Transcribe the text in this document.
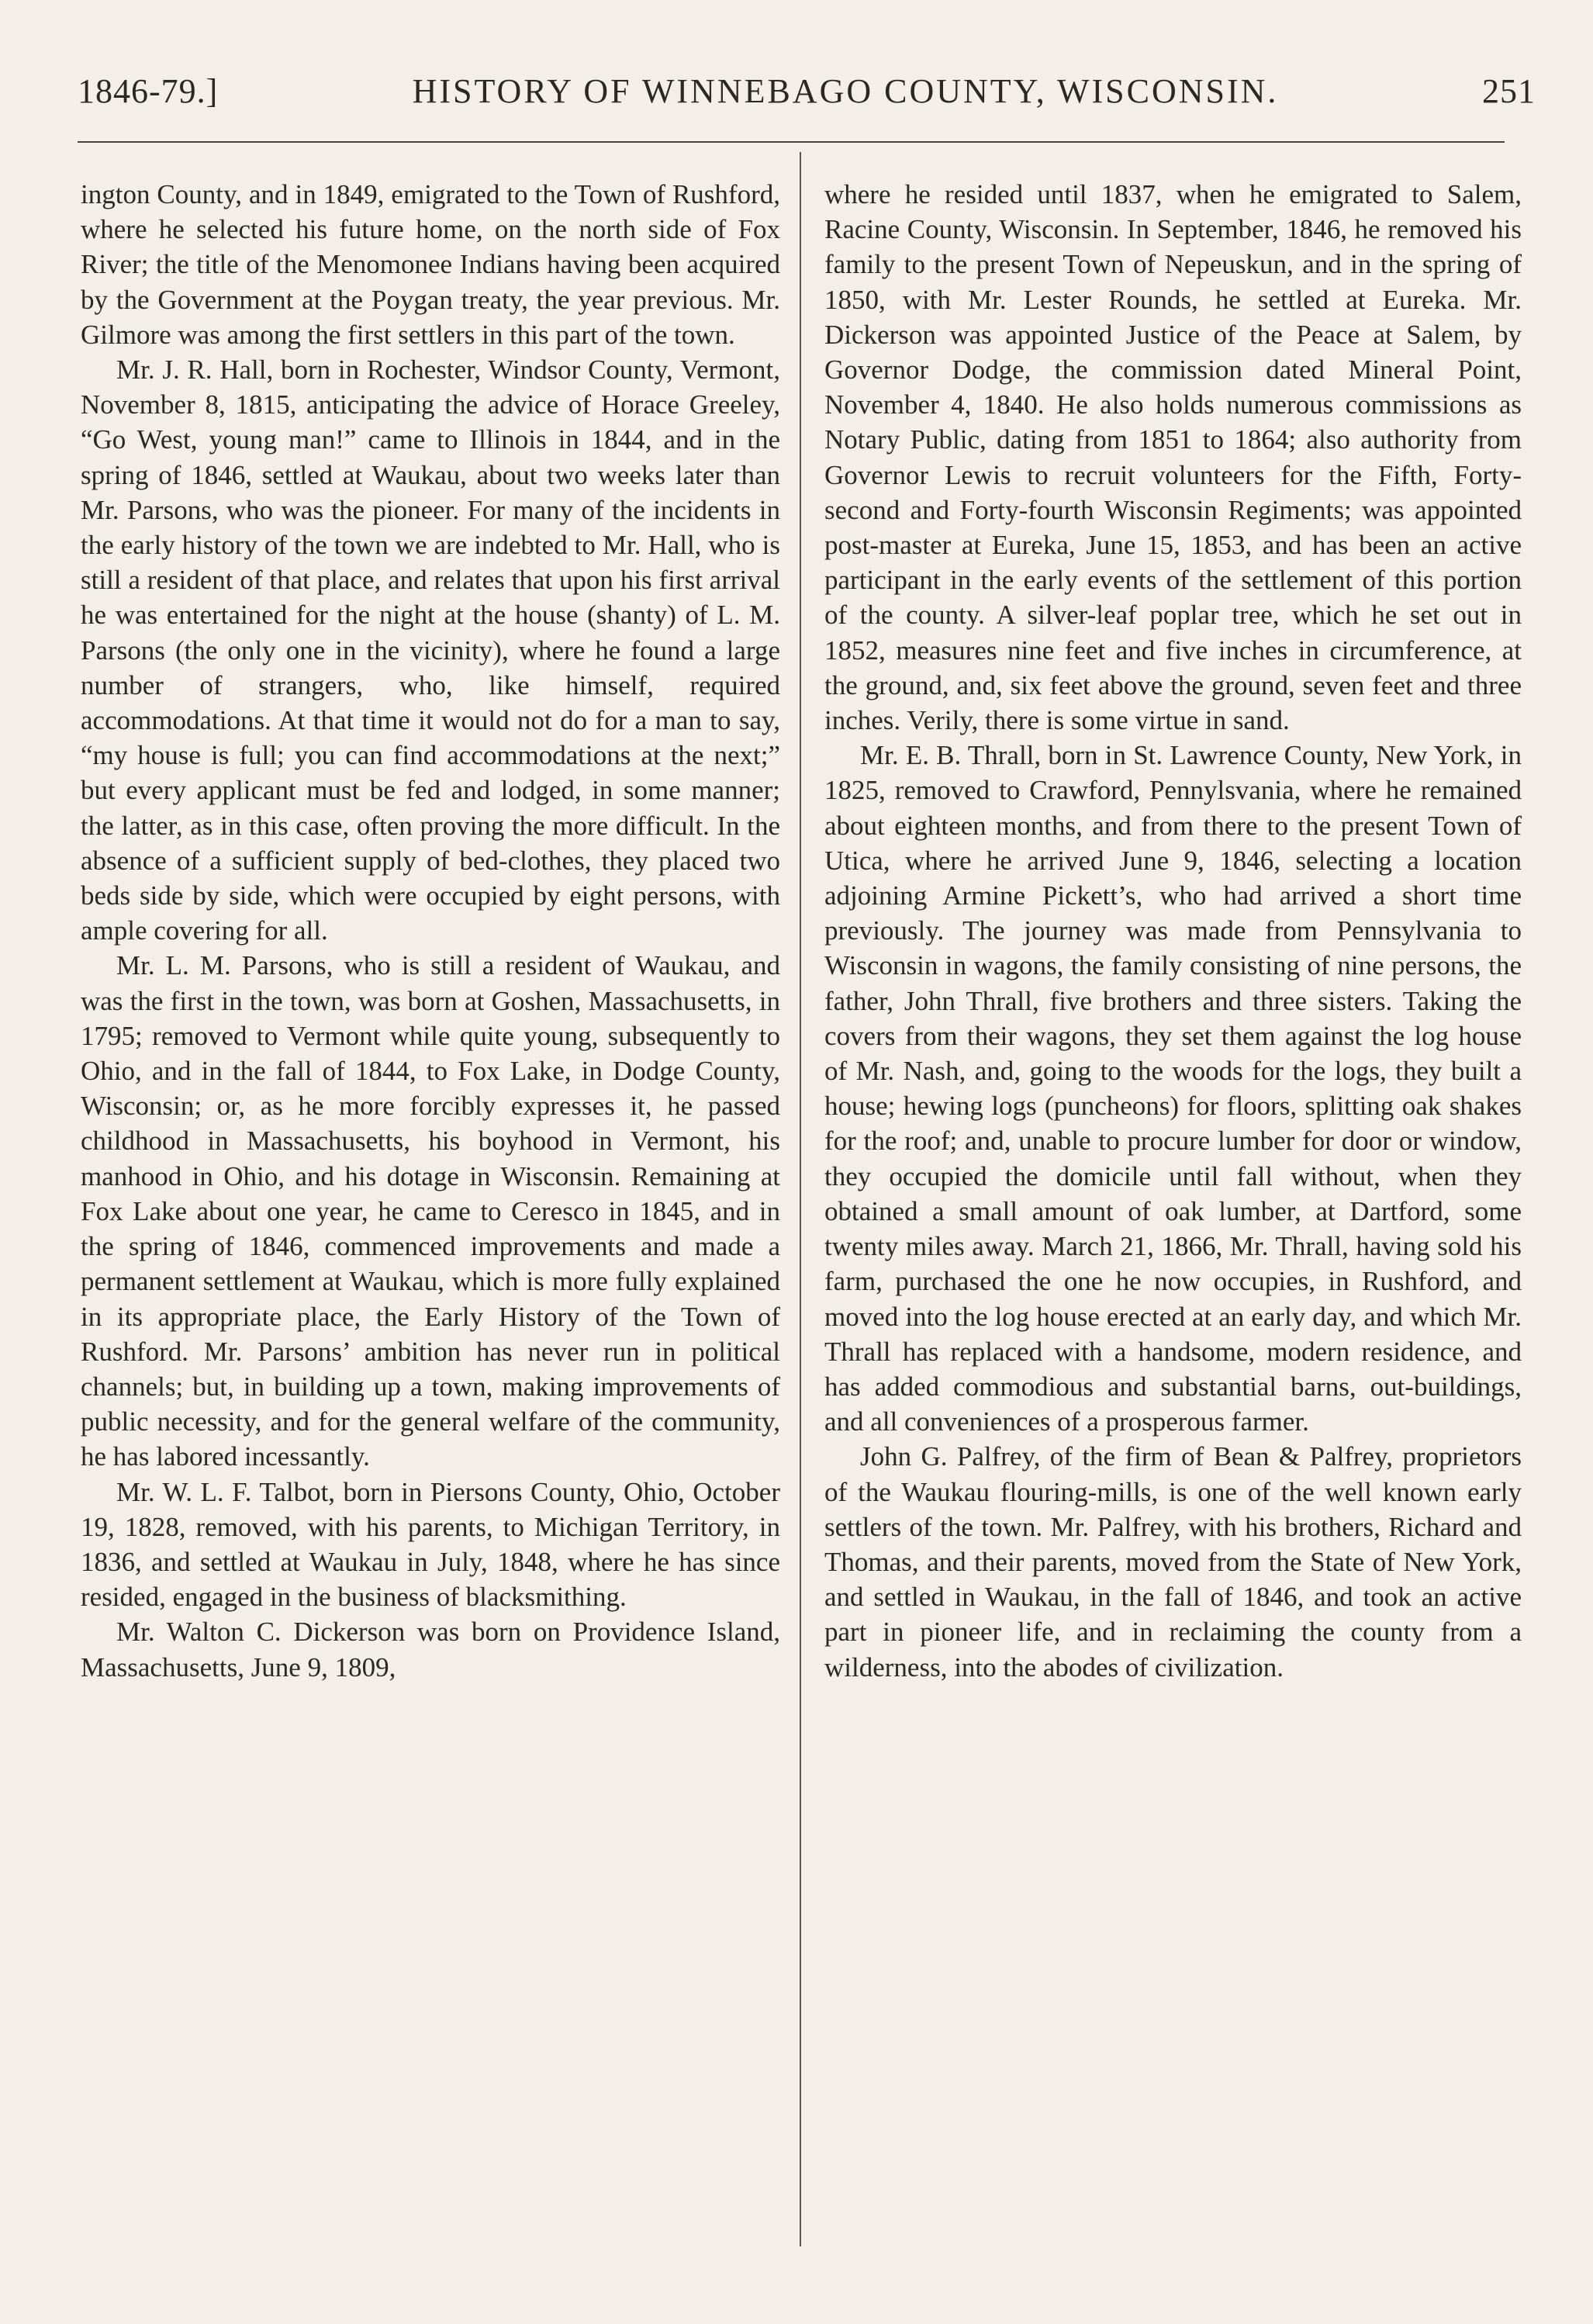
1846-79.]	HISTORY OF WINNEBAGO COUNTY, WISCONSIN.	251

ington County, and in 1849, emigrated to the Town of Rushford, where he selected his future home, on the north side of Fox River; the title of the Menomonee Indians having been acquired by the Government at the Poygan treaty, the year previous. Mr. Gilmore was among the first settlers in this part of the town.

Mr. J. R. Hall, born in Rochester, Windsor County, Vermont, November 8, 1815, anticipating the advice of Horace Greeley, “Go West, young man!” came to Illinois in 1844, and in the spring of 1846, settled at Waukau, about two weeks later than Mr. Parsons, who was the pioneer. For many of the incidents in the early history of the town we are indebted to Mr. Hall, who is still a resident of that place, and relates that upon his first arrival he was entertained for the night at the house (shanty) of L. M. Parsons (the only one in the vicinity), where he found a large number of strangers, who, like himself, required accommodations. At that time it would not do for a man to say, “my house is full; you can find accommodations at the next;” but every applicant must be fed and lodged, in some manner; the latter, as in this case, often proving the more difficult. In the absence of a sufficient supply of bed-clothes, they placed two beds side by side, which were occupied by eight persons, with ample covering for all.

Mr. L. M. Parsons, who is still a resident of Waukau, and was the first in the town, was born at Goshen, Massachusetts, in 1795; removed to Vermont while quite young, subsequently to Ohio, and in the fall of 1844, to Fox Lake, in Dodge County, Wisconsin; or, as he more forcibly expresses it, he passed childhood in Massachusetts, his boyhood in Vermont, his manhood in Ohio, and his dotage in Wisconsin. Remaining at Fox Lake about one year, he came to Ceresco in 1845, and in the spring of 1846, commenced improvements and made a permanent settlement at Waukau, which is more fully explained in its appropriate place, the Early History of the Town of Rushford. Mr. Parsons’ ambition has never run in political channels; but, in building up a town, making improvements of public necessity, and for the general welfare of the community, he has labored incessantly.

Mr. W. L. F. Talbot, born in Piersons County, Ohio, October 19, 1828, removed, with his parents, to Michigan Territory, in 1836, and settled at Waukau in July, 1848, where he has since resided, engaged in the business of blacksmithing.

Mr. Walton C. Dickerson was born on Providence Island, Massachusetts, June 9, 1809,

where he resided until 1837, when he emigrated to Salem, Racine County, Wisconsin. In September, 1846, he removed his family to the present Town of Nepeuskun, and in the spring of 1850, with Mr. Lester Rounds, he settled at Eureka. Mr. Dickerson was appointed Justice of the Peace at Salem, by Governor Dodge, the commission dated Mineral Point, November 4, 1840. He also holds numerous commissions as Notary Public, dating from 1851 to 1864; also authority from Governor Lewis to recruit volunteers for the Fifth, Forty-second and Forty-fourth Wisconsin Regiments; was appointed post-master at Eureka, June 15, 1853, and has been an active participant in the early events of the settlement of this portion of the county. A silver-leaf poplar tree, which he set out in 1852, measures nine feet and five inches in circumference, at the ground, and, six feet above the ground, seven feet and three inches. Verily, there is some virtue in sand.

Mr. E. B. Thrall, born in St. Lawrence County, New York, in 1825, removed to Crawford, Pennylsvania, where he remained about eighteen months, and from there to the present Town of Utica, where he arrived June 9, 1846, selecting a location adjoining Armine Pickett’s, who had arrived a short time previously. The journey was made from Pennsylvania to Wisconsin in wagons, the family consisting of nine persons, the father, John Thrall, five brothers and three sisters. Taking the covers from their wagons, they set them against the log house of Mr. Nash, and, going to the woods for the logs, they built a house; hewing logs (puncheons) for floors, splitting oak shakes for the roof; and, unable to procure lumber for door or window, they occupied the domicile until fall without, when they obtained a small amount of oak lumber, at Dartford, some twenty miles away. March 21, 1866, Mr. Thrall, having sold his farm, purchased the one he now occupies, in Rushford, and moved into the log house erected at an early day, and which Mr. Thrall has replaced with a handsome, modern residence, and has added commodious and substantial barns, out-buildings, and all conveniences of a prosperous farmer.

John G. Palfrey, of the firm of Bean & Palfrey, proprietors of the Waukau flouring-mills, is one of the well known early settlers of the town. Mr. Palfrey, with his brothers, Richard and Thomas, and their parents, moved from the State of New York, and settled in Waukau, in the fall of 1846, and took an active part in pioneer life, and in reclaiming the county from a wilderness, into the abodes of civilization.
